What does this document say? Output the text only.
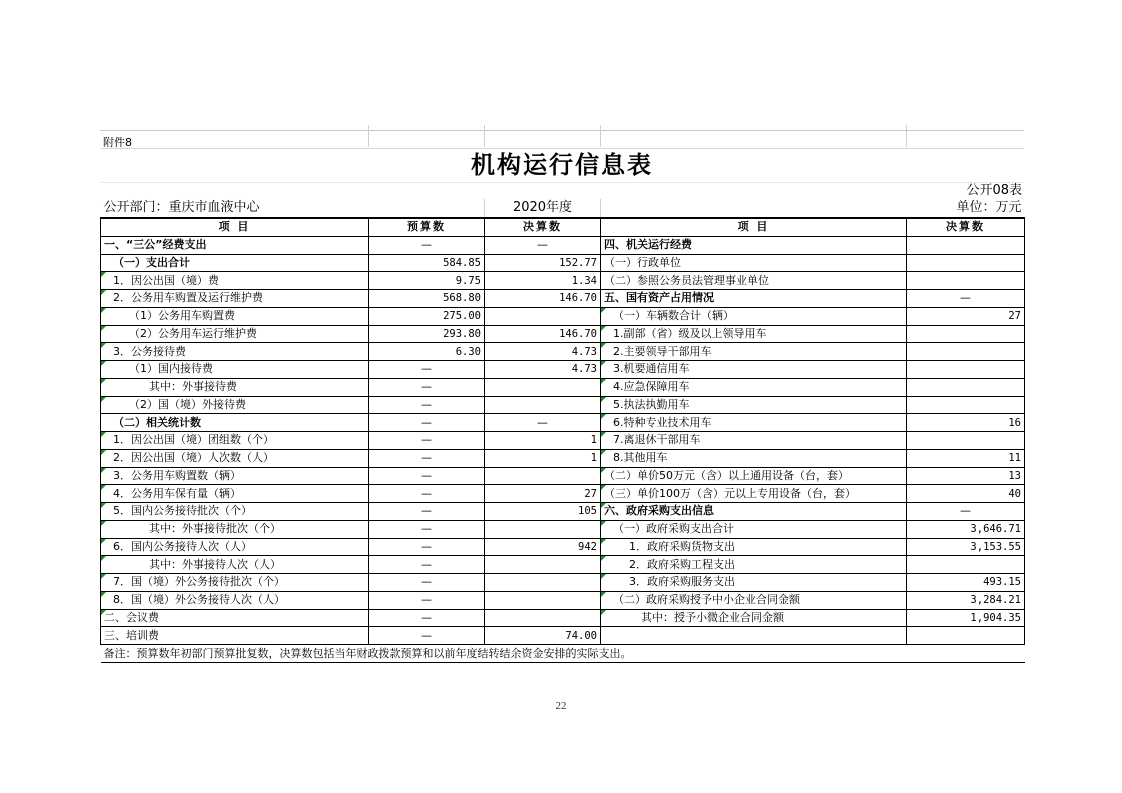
附件8
机构运行信息表
公开08表
公开部门：重庆市血液中心		2020年度		单位：万元
项 目	预算数	决算数	项 目	决算数
一、“三公”经费支出	—	—	四、机关运行经费	
（一）支出合计	584.85	152.77	（一）行政单位	
1．因公出国（境）费	9.75	1.34	（二）参照公务员法管理事业单位	
2．公务用车购置及运行维护费	568.80	146.70	五、国有资产占用情况	—
（1）公务用车购置费	275.00		（一）车辆数合计（辆）	27
（2）公务用车运行维护费	293.80	146.70	1.副部（省）级及以上领导用车	
3．公务接待费	6.30	4.73	2.主要领导干部用车	
（1）国内接待费	—	4.73	3.机要通信用车	
其中：外事接待费	—		4.应急保障用车	
（2）国（境）外接待费	—		5.执法执勤用车	
（二）相关统计数	—	—	6.特种专业技术用车	16
1．因公出国（境）团组数（个）	—	1	7.离退休干部用车	
2．因公出国（境）人次数（人）	—	1	8.其他用车	11
3．公务用车购置数（辆）	—		（二）单价50万元（含）以上通用设备（台，套）	13
4．公务用车保有量（辆）	—	27	（三）单价100万（含）元以上专用设备（台，套）	40
5．国内公务接待批次（个）	—	105	六、政府采购支出信息	—
其中：外事接待批次（个）	—		（一）政府采购支出合计	3,646.71
6．国内公务接待人次（人）	—	942	1．政府采购货物支出	3,153.55
其中：外事接待人次（人）	—		2．政府采购工程支出	
7．国（境）外公务接待批次（个）	—		3．政府采购服务支出	493.15
8．国（境）外公务接待人次（人）	—		（二）政府采购授予中小企业合同金额	3,284.21
二、会议费	—		其中：授予小微企业合同金额	1,904.35
三、培训费	—	74.00		
备注：预算数年初部门预算批复数，决算数包括当年财政拨款预算和以前年度结转结余资金安排的实际支出。				
22
